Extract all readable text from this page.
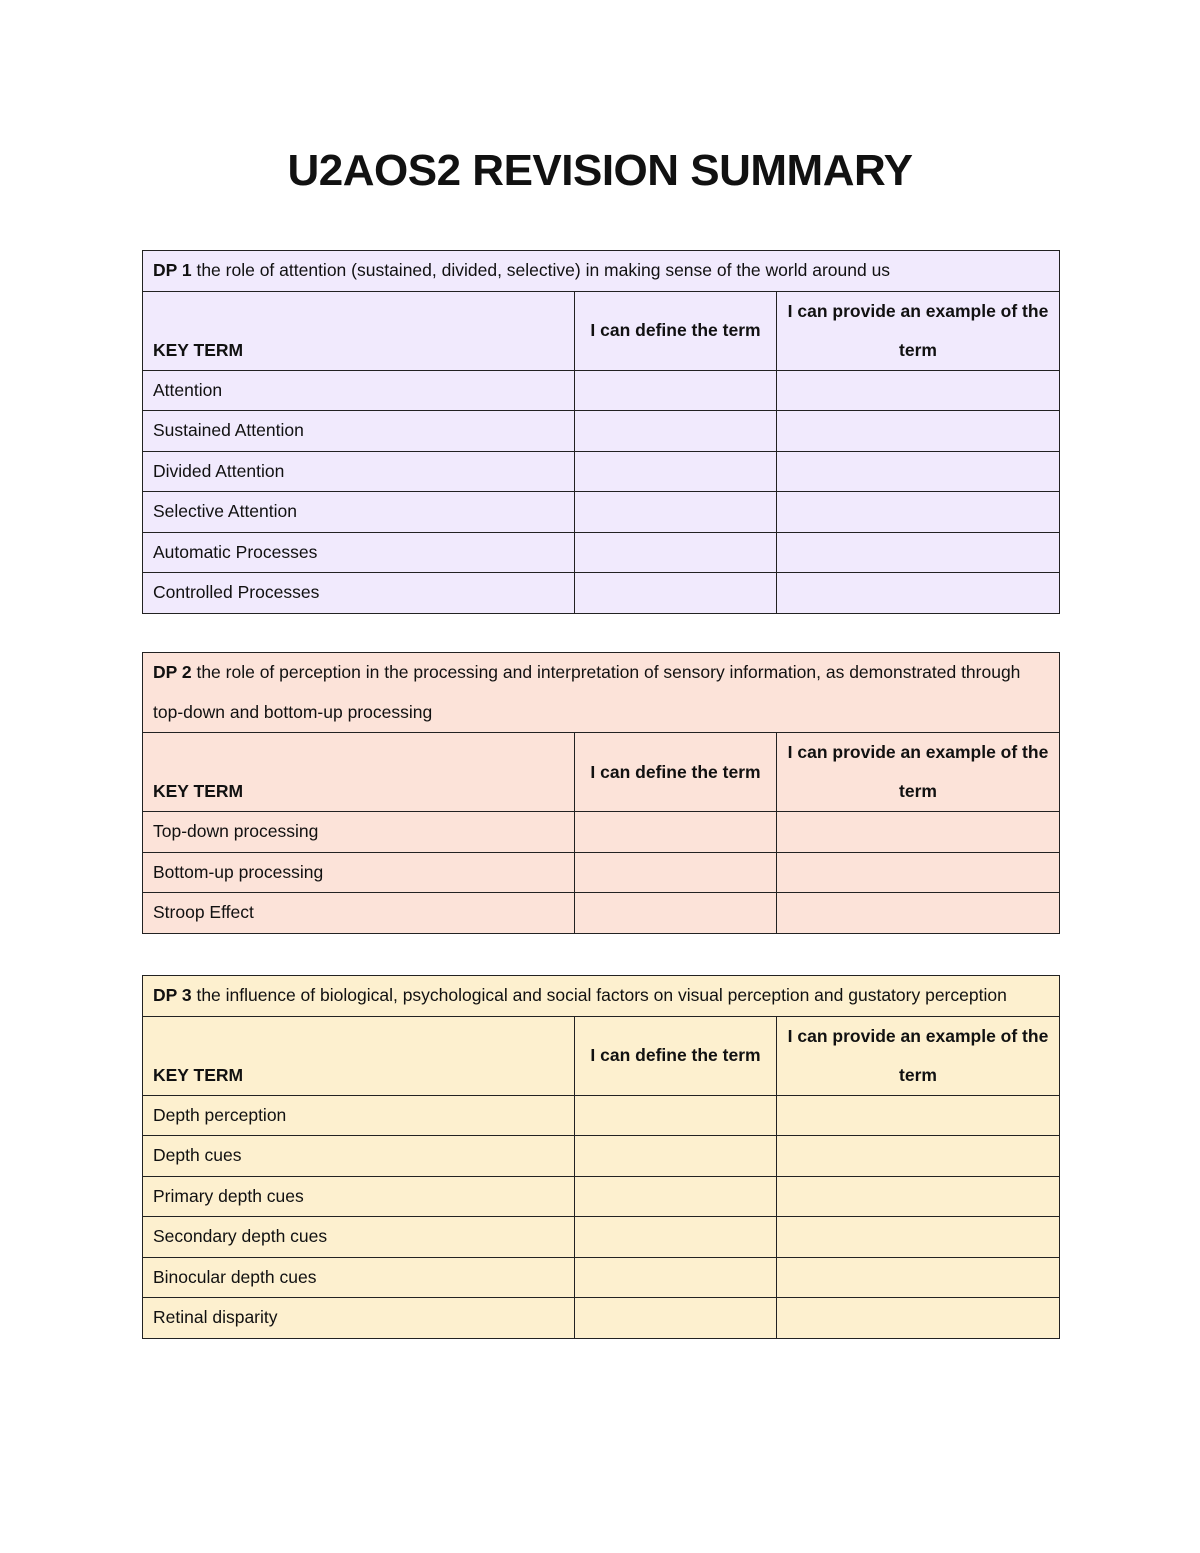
U2AOS2 REVISION SUMMARY
DP 1 the role of attention (sustained, divided, selective) in making sense of the world around us		
KEY TERM	I can define the term	I can provide an example of the term
Attention		
Sustained Attention		
Divided Attention		
Selective Attention		
Automatic Processes		
Controlled Processes		
DP 2 the role of perception in the processing and interpretation of sensory information, as demonstrated through top-down and bottom-up processing		
KEY TERM	I can define the term	I can provide an example of the term
Top-down processing		
Bottom-up processing		
Stroop Effect		
DP 3 the influence of biological, psychological and social factors on visual perception and gustatory perception		
KEY TERM	I can define the term	I can provide an example of the term
Depth perception		
Depth cues		
Primary depth cues		
Secondary depth cues		
Binocular depth cues		
Retinal disparity		
